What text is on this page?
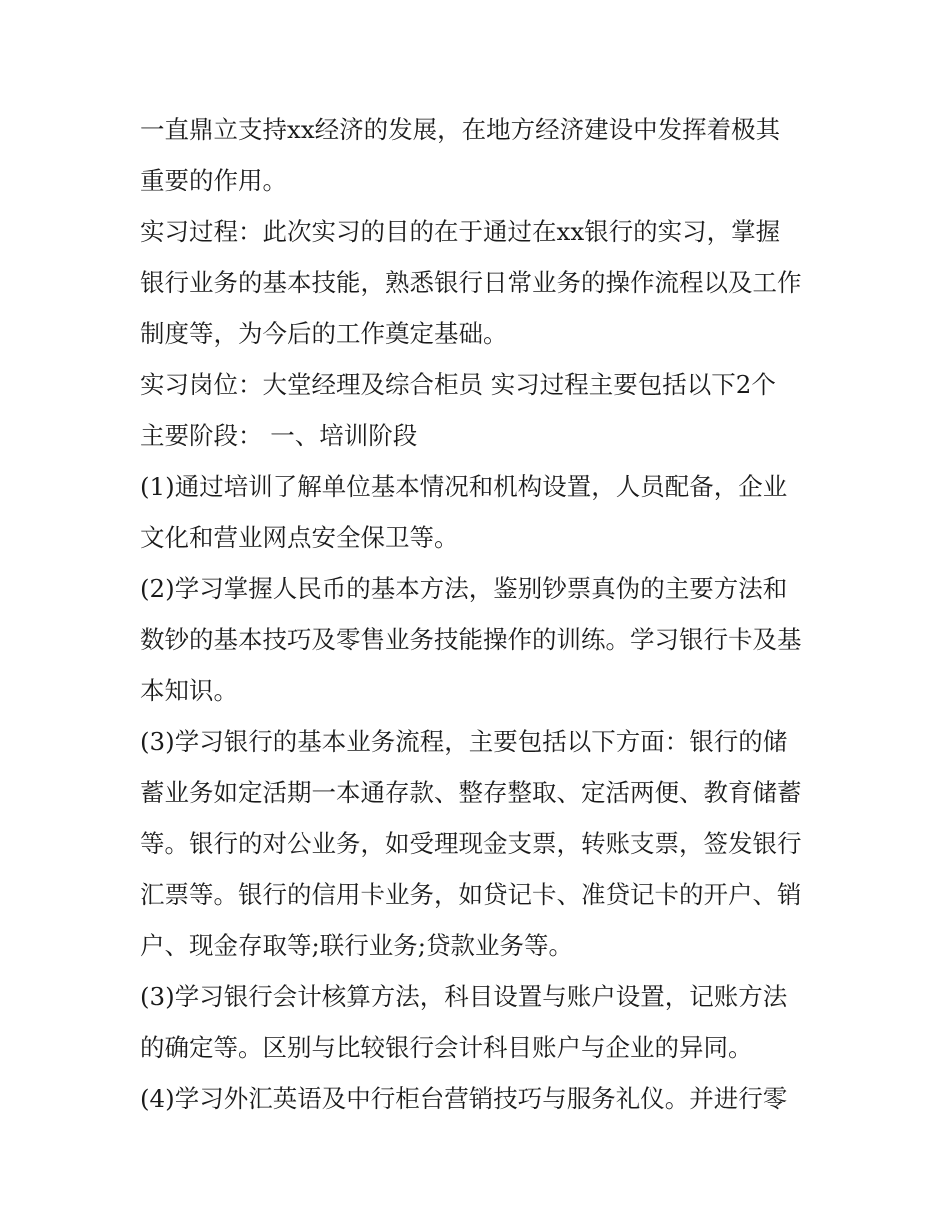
一直鼎立支持xx经济的发展，在地方经济建设中发挥着极其
重要的作用。
实习过程：此次实习的目的在于通过在xx银行的实习，掌握
银行业务的基本技能，熟悉银行日常业务的操作流程以及工作
制度等，为今后的工作奠定基础。
实习岗位：大堂经理及综合柜员 实习过程主要包括以下2个
主要阶段： 一、培训阶段
(1)通过培训了解单位基本情况和机构设置，人员配备，企业
文化和营业网点安全保卫等。
(2)学习掌握人民币的基本方法，鉴别钞票真伪的主要方法和
数钞的基本技巧及零售业务技能操作的训练。学习银行卡及基
本知识。
(3)学习银行的基本业务流程，主要包括以下方面：银行的储
蓄业务如定活期一本通存款、整存整取、定活两便、教育储蓄
等。银行的对公业务，如受理现金支票，转账支票，签发银行
汇票等。银行的信用卡业务，如贷记卡、准贷记卡的开户、销
户、现金存取等;联行业务;贷款业务等。
(3)学习银行会计核算方法，科目设置与账户设置，记账方法
的确定等。区别与比较银行会计科目账户与企业的异同。
(4)学习外汇英语及中行柜台营销技巧与服务礼仪。并进行零
